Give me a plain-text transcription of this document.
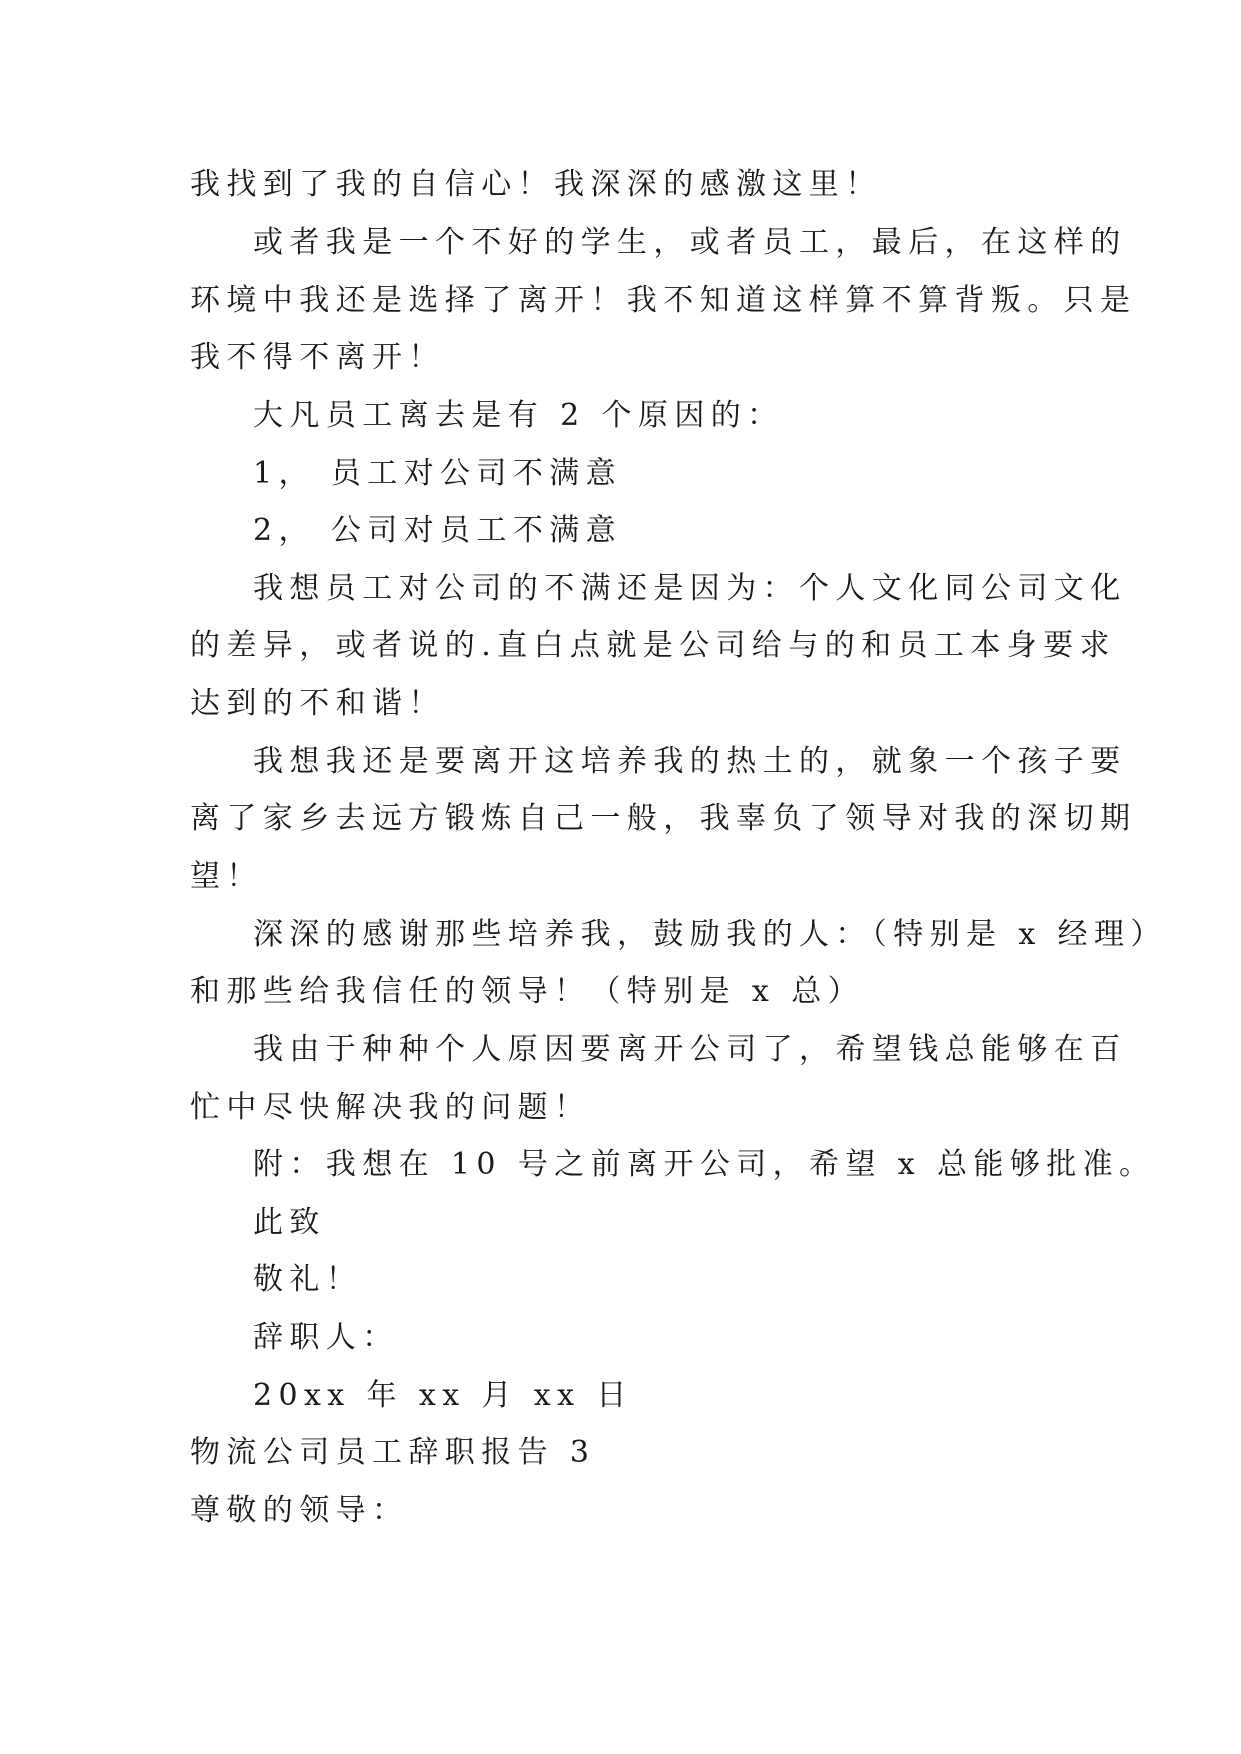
我找到了我的自信心！我深深的感激这里！
或者我是一个不好的学生，或者员工，最后，在这样的
环境中我还是选择了离开！我不知道这样算不算背叛。只是
我不得不离开！
大凡员工离去是有 2 个原因的：
1， 员工对公司不满意
2， 公司对员工不满意
我想员工对公司的不满还是因为：个人文化同公司文化
的差异，或者说的.直白点就是公司给与的和员工本身要求
达到的不和谐！
我想我还是要离开这培养我的热土的，就象一个孩子要
离了家乡去远方锻炼自己一般，我辜负了领导对我的深切期
望！
深深的感谢那些培养我，鼓励我的人：（特别是 x 经理）
和那些给我信任的领导！（特别是 x 总）
我由于种种个人原因要离开公司了，希望钱总能够在百
忙中尽快解决我的问题！
附：我想在 10 号之前离开公司，希望 x 总能够批准。
此致
敬礼！
辞职人：
20xx 年 xx 月 xx 日
物流公司员工辞职报告 3
尊敬的领导：
